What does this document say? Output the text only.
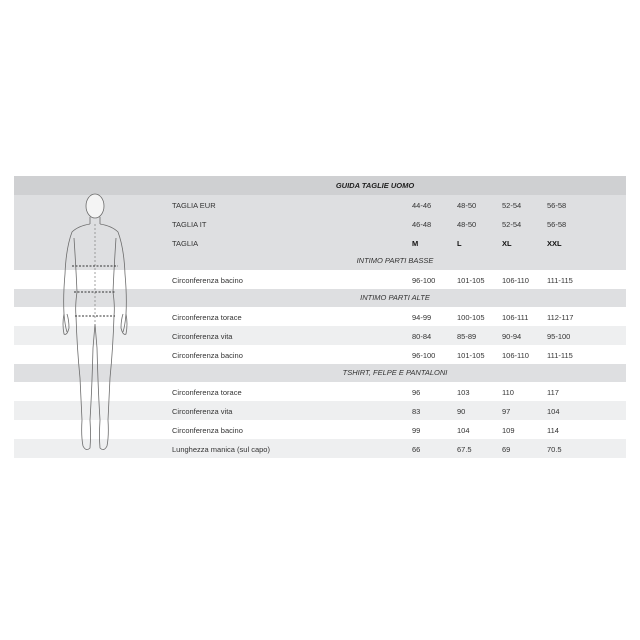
GUIDA TAGLIE UOMO
TAGLIA EUR	44-46	48-50	52-54	56-58
TAGLIA IT	46-48	48-50	52-54	56-58
TAGLIA	M	L	XL	XXL
INTIMO PARTI BASSE
Circonferenza bacino	96-100	101-105 106-110 111-115
INTIMO PARTI ALTE
Circonferenza torace	94-99	100-105 106-111 112-117
Circonferenza vita	80-84	85-89	90-94	95-100
Circonferenza bacino	96-100	101-105 106-110 111-115
TSHIRT, FELPE E PANTALONI
Circonferenza torace	96	103	110	117
Circonferenza vita	83	90	97	104
Circonferenza bacino	99	104	109	114
Lunghezza manica (sul capo)	66	67.5	69	70.5
